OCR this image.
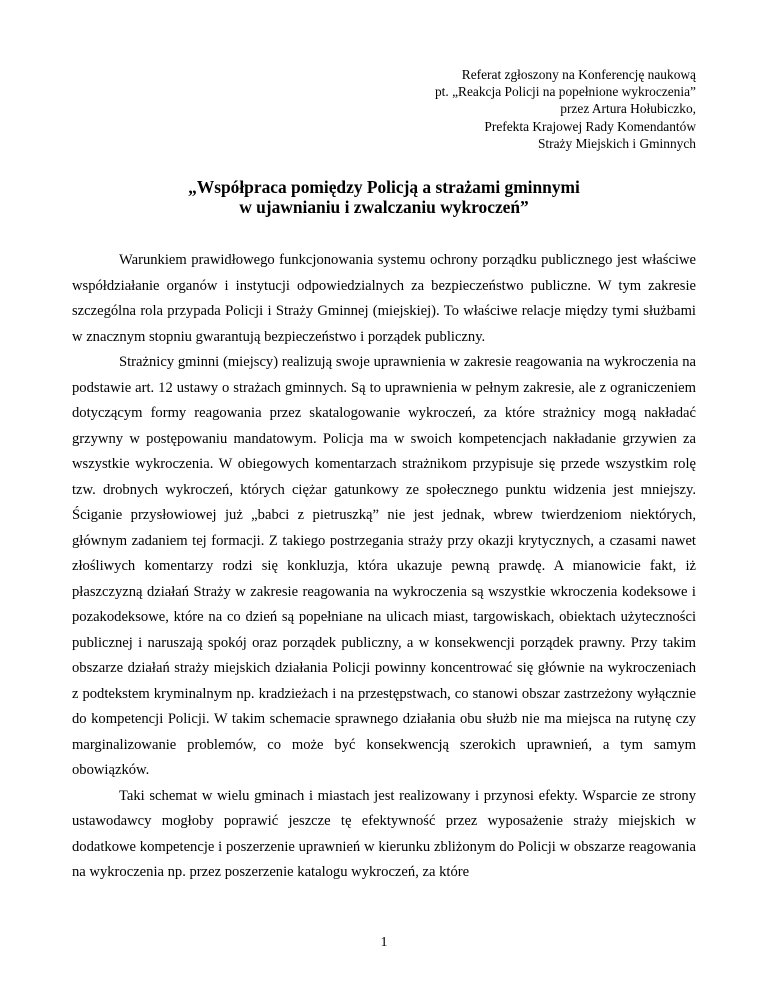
Referat zgłoszony na Konferencję naukową
pt. „Reakcja Policji na popełnione wykroczenia”
przez Artura Hołubiczko,
Prefekta Krajowej Rady Komendantów
Straży Miejskich i Gminnych
„Współpraca pomiędzy Policją a strażami gminnymi
w ujawnianiu i zwalczaniu wykroczeń”

Warunkiem prawidłowego funkcjonowania systemu ochrony porządku publicznego jest właściwe współdziałanie organów i instytucji odpowiedzialnych za bezpieczeństwo publiczne. W tym zakresie szczególna rola przypada Policji i Straży Gminnej (miejskiej). To właściwe relacje między tymi służbami w znacznym stopniu gwarantują bezpieczeństwo i porządek publiczny.

Strażnicy gminni (miejscy) realizują swoje uprawnienia w zakresie reagowania na wykroczenia na podstawie art. 12 ustawy o strażach gminnych. Są to uprawnienia w pełnym zakresie, ale z ograniczeniem dotyczącym formy reagowania przez skatalogowanie wykroczeń, za które strażnicy mogą nakładać grzywny w postępowaniu mandatowym. Policja ma w swoich kompetencjach nakładanie grzywien za wszystkie wykroczenia. W obiegowych komentarzach strażnikom przypisuje się przede wszystkim rolę tzw. drobnych wykroczeń, których ciężar gatunkowy ze społecznego punktu widzenia jest mniejszy. Ściganie przysłowiowej już „babci z pietruszką” nie jest jednak, wbrew twierdzeniom niektórych, głównym zadaniem tej formacji. Z takiego postrzegania straży przy okazji krytycznych, a czasami nawet złośliwych komentarzy rodzi się konkluzja, która ukazuje pewną prawdę. A mianowicie fakt, iż płaszczyzną działań Straży w zakresie reagowania na wykroczenia są wszystkie wkroczenia kodeksowe i pozakodeksowe, które na co dzień są popełniane na ulicach miast, targowiskach, obiektach użyteczności publicznej i naruszają spokój oraz porządek publiczny, a w konsekwencji porządek prawny. Przy takim obszarze działań straży miejskich działania Policji powinny koncentrować się głównie na wykroczeniach z podtekstem kryminalnym np. kradzieżach i na przestępstwach, co stanowi obszar zastrzeżony wyłącznie do kompetencji Policji. W takim schemacie sprawnego działania obu służb nie ma miejsca na rutynę czy marginalizowanie problemów, co może być konsekwencją szerokich uprawnień, a tym samym obowiązków.

Taki schemat w wielu gminach i miastach jest realizowany i przynosi efekty. Wsparcie ze strony ustawodawcy mogłoby poprawić jeszcze tę efektywność przez wyposażenie straży miejskich w dodatkowe kompetencje i poszerzenie uprawnień w kierunku zbliżonym do Policji w obszarze reagowania na wykroczenia np. przez poszerzenie katalogu wykroczeń, za które

1
